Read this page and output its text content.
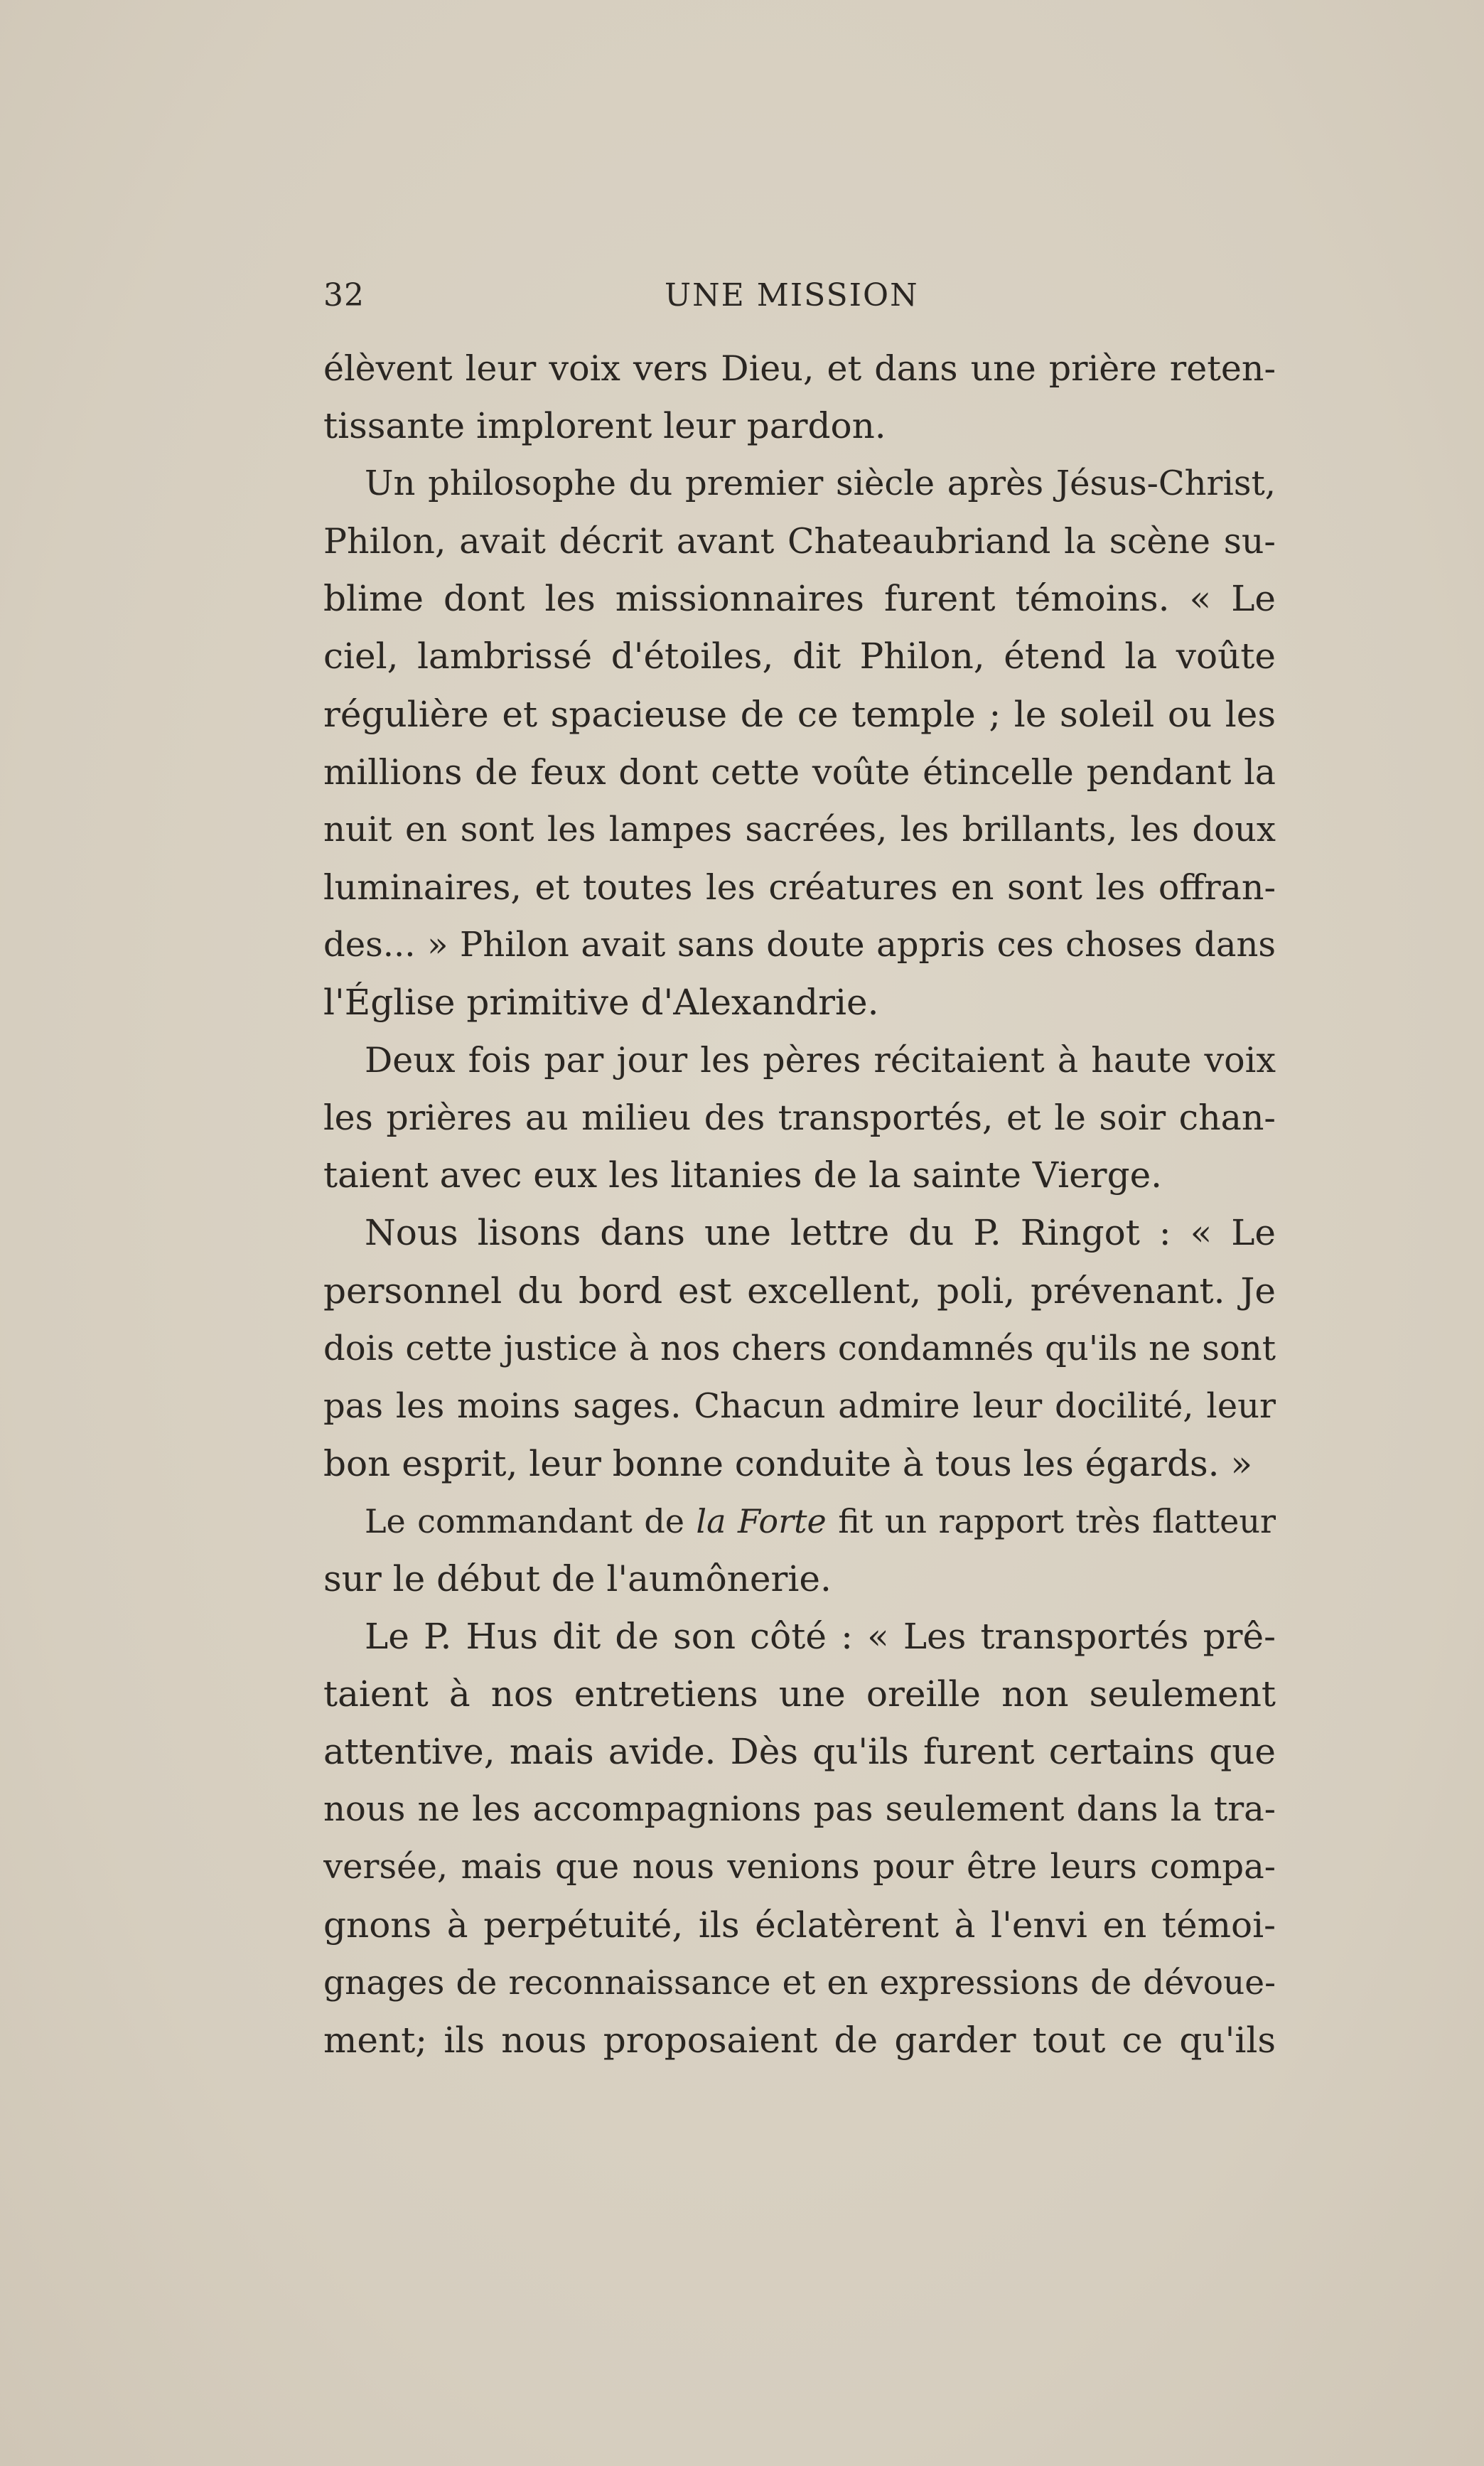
32	UNE MISSION
élèvent leur voix vers Dieu, et dans une prière reten-
tissante implorent leur pardon.
Un philosophe du premier siècle après Jésus-Christ,
Philon, avait décrit avant Chateaubriand la scène su-
blime dont les missionnaires furent témoins. « Le
ciel, lambrissé d'étoiles, dit Philon, étend la voûte
régulière et spacieuse de ce temple ; le soleil ou les
millions de feux dont cette voûte étincelle pendant la
nuit en sont les lampes sacrées, les brillants, les doux
luminaires, et toutes les créatures en sont les offran-
des... » Philon avait sans doute appris ces choses dans
l'Église primitive d'Alexandrie.
Deux fois par jour les pères récitaient à haute voix
les prières au milieu des transportés, et le soir chan-
taient avec eux les litanies de la sainte Vierge.
Nous lisons dans une lettre du P. Ringot : « Le
personnel du bord est excellent, poli, prévenant. Je
dois cette justice à nos chers condamnés qu'ils ne sont
pas les moins sages. Chacun admire leur docilité, leur
bon esprit, leur bonne conduite à tous les égards. »
Le commandant de la Forte fit un rapport très flatteur
sur le début de l'aumônerie.
Le P. Hus dit de son côté : « Les transportés prê-
taient à nos entretiens une oreille non seulement
attentive, mais avide. Dès qu'ils furent certains que
nous ne les accompagnions pas seulement dans la tra-
versée, mais que nous venions pour être leurs compa-
gnons à perpétuité, ils éclatèrent à l'envi en témoi-
gnages de reconnaissance et en expressions de dévoue-
ment; ils nous proposaient de garder tout ce qu'ils
